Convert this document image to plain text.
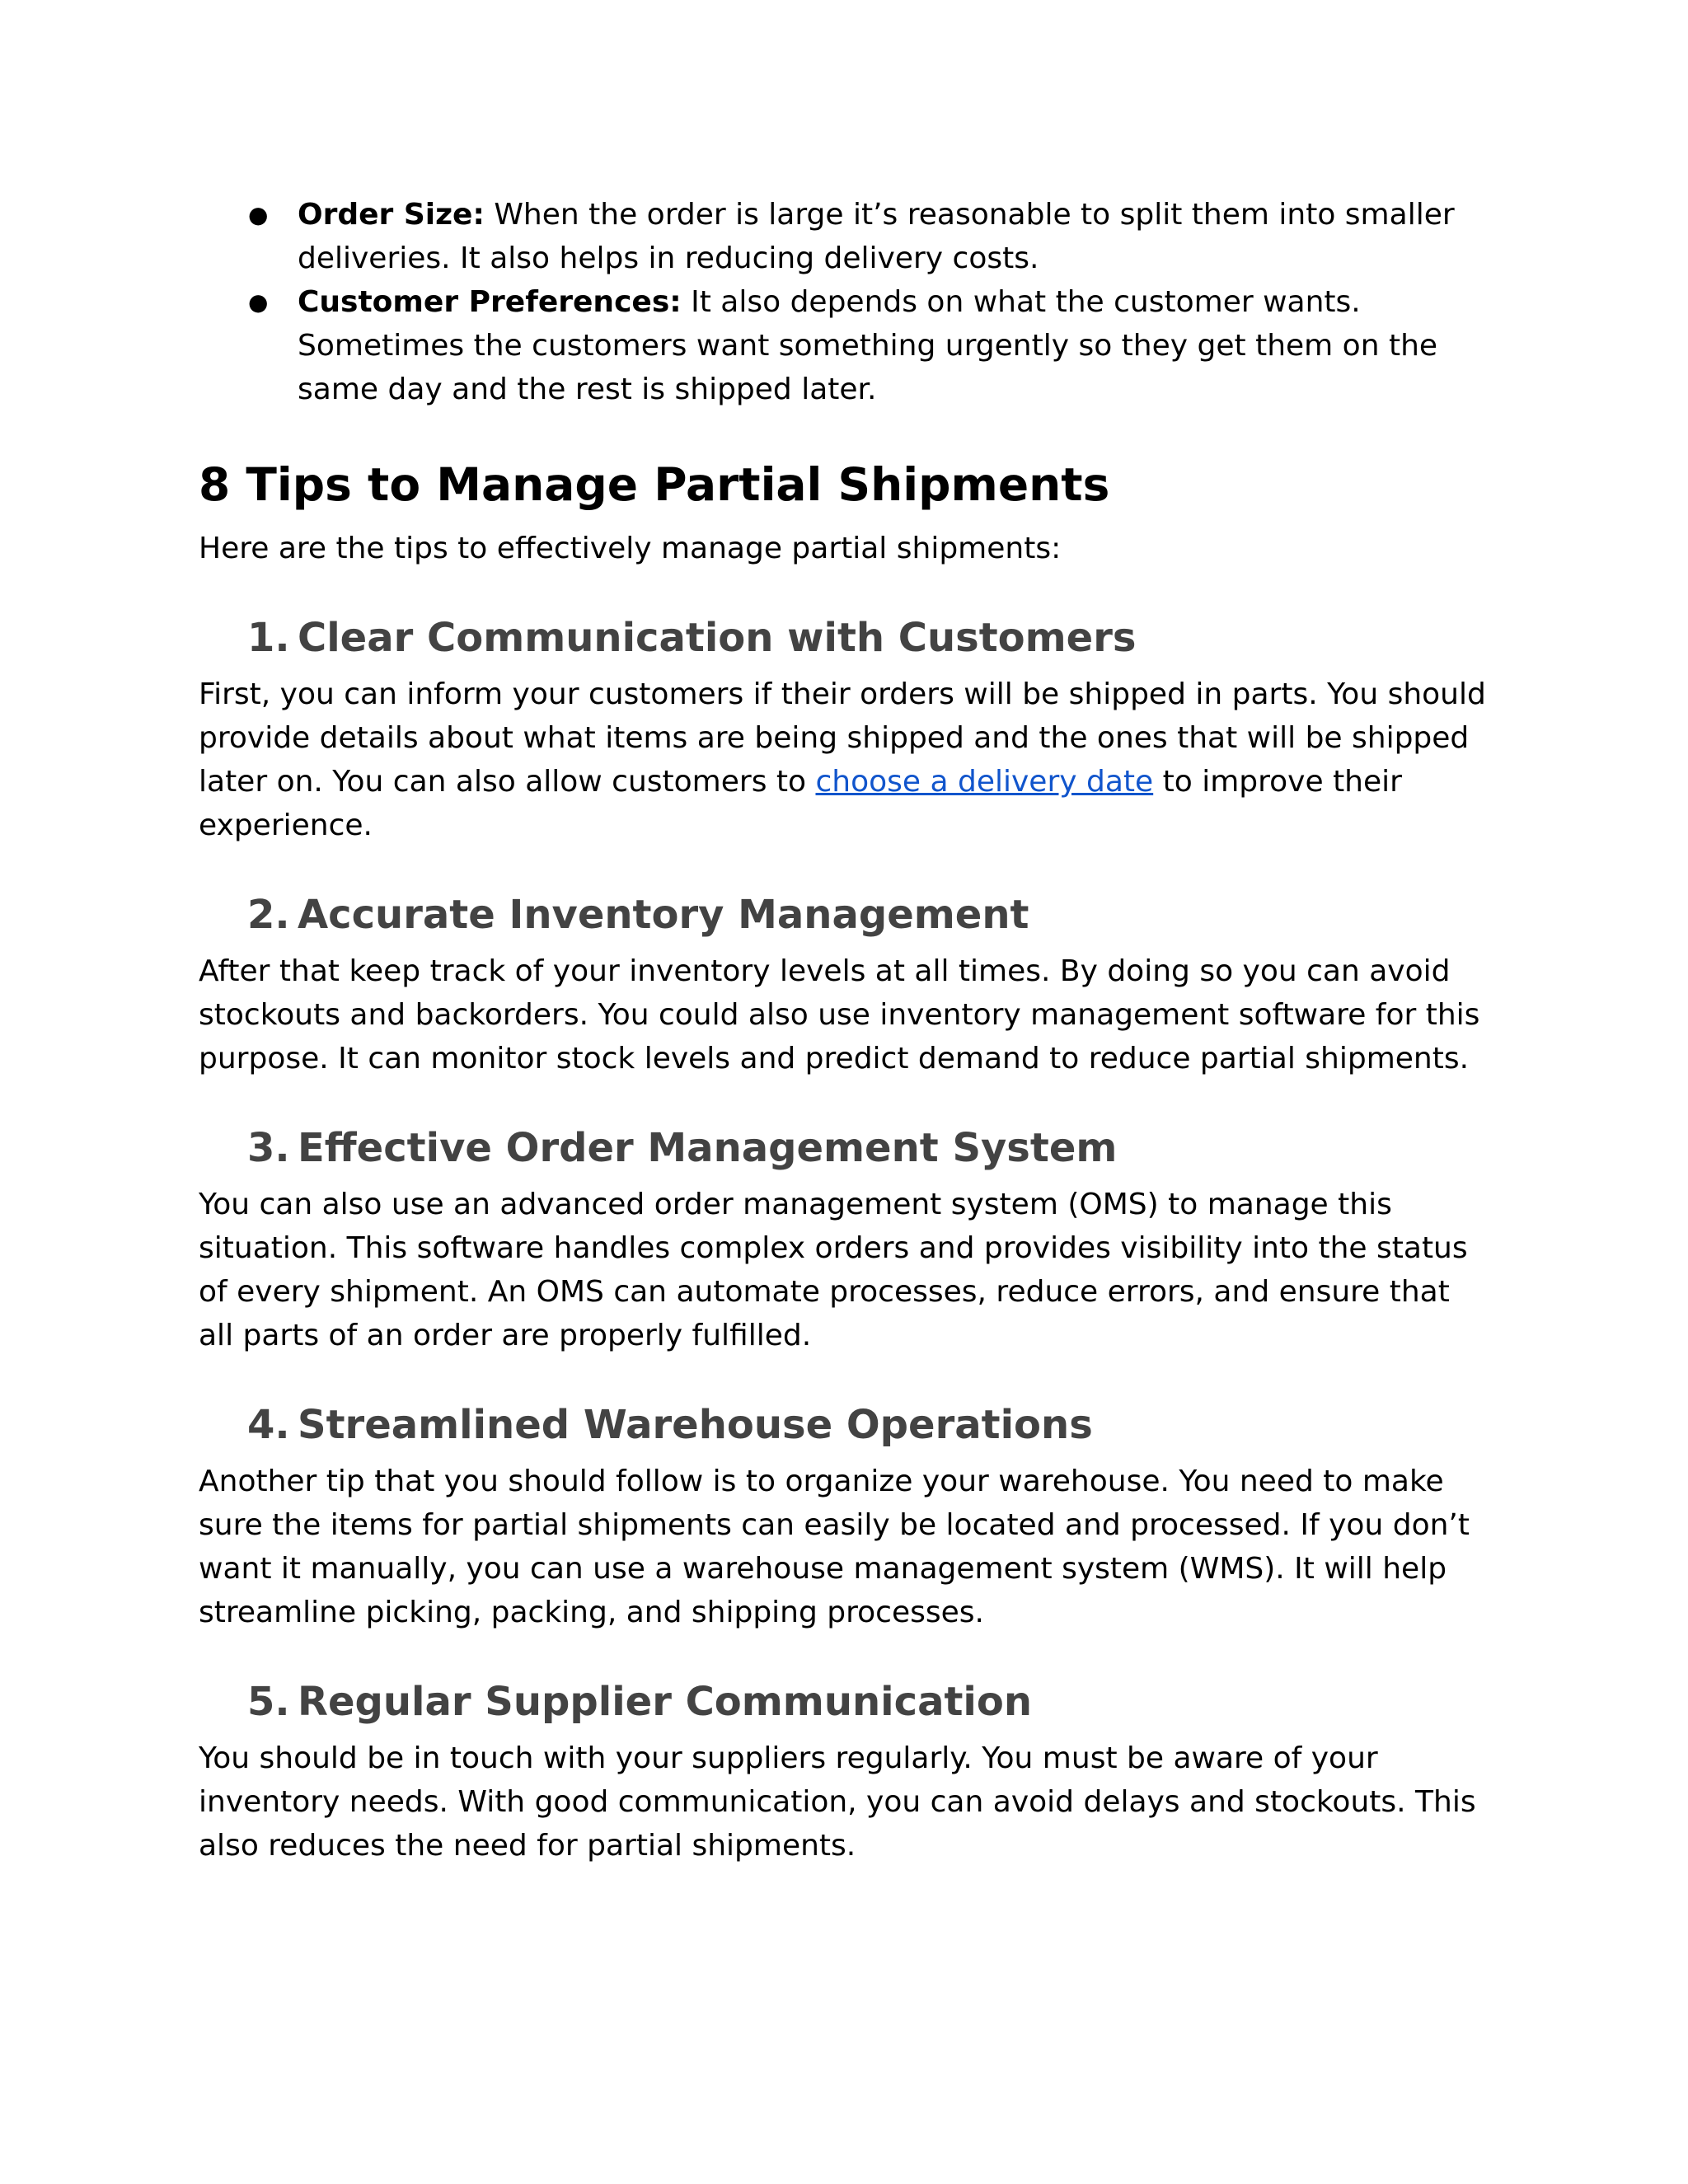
● Order Size: When the order is large it’s reasonable to split them into smaller deliveries. It also helps in reducing delivery costs.
● Customer Preferences: It also depends on what the customer wants. Sometimes the customers want something urgently so they get them on the same day and the rest is shipped later.
8 Tips to Manage Partial Shipments

Here are the tips to effectively manage partial shipments:

1. Clear Communication with Customers

First, you can inform your customers if their orders will be shipped in parts. You should provide details about what items are being shipped and the ones that will be shipped later on. You can also allow customers to choose a delivery date to improve their experience.

2. Accurate Inventory Management

After that keep track of your inventory levels at all times. By doing so you can avoid stockouts and backorders. You could also use inventory management software for this purpose. It can monitor stock levels and predict demand to reduce partial shipments.

3. Effective Order Management System

You can also use an advanced order management system (OMS) to manage this situation. This software handles complex orders and provides visibility into the status of every shipment. An OMS can automate processes, reduce errors, and ensure that all parts of an order are properly fulfilled.

4. Streamlined Warehouse Operations

Another tip that you should follow is to organize your warehouse. You need to make sure the items for partial shipments can easily be located and processed. If you don’t want it manually, you can use a warehouse management system (WMS). It will help streamline picking, packing, and shipping processes.

5. Regular Supplier Communication

You should be in touch with your suppliers regularly. You must be aware of your inventory needs. With good communication, you can avoid delays and stockouts. This also reduces the need for partial shipments.
